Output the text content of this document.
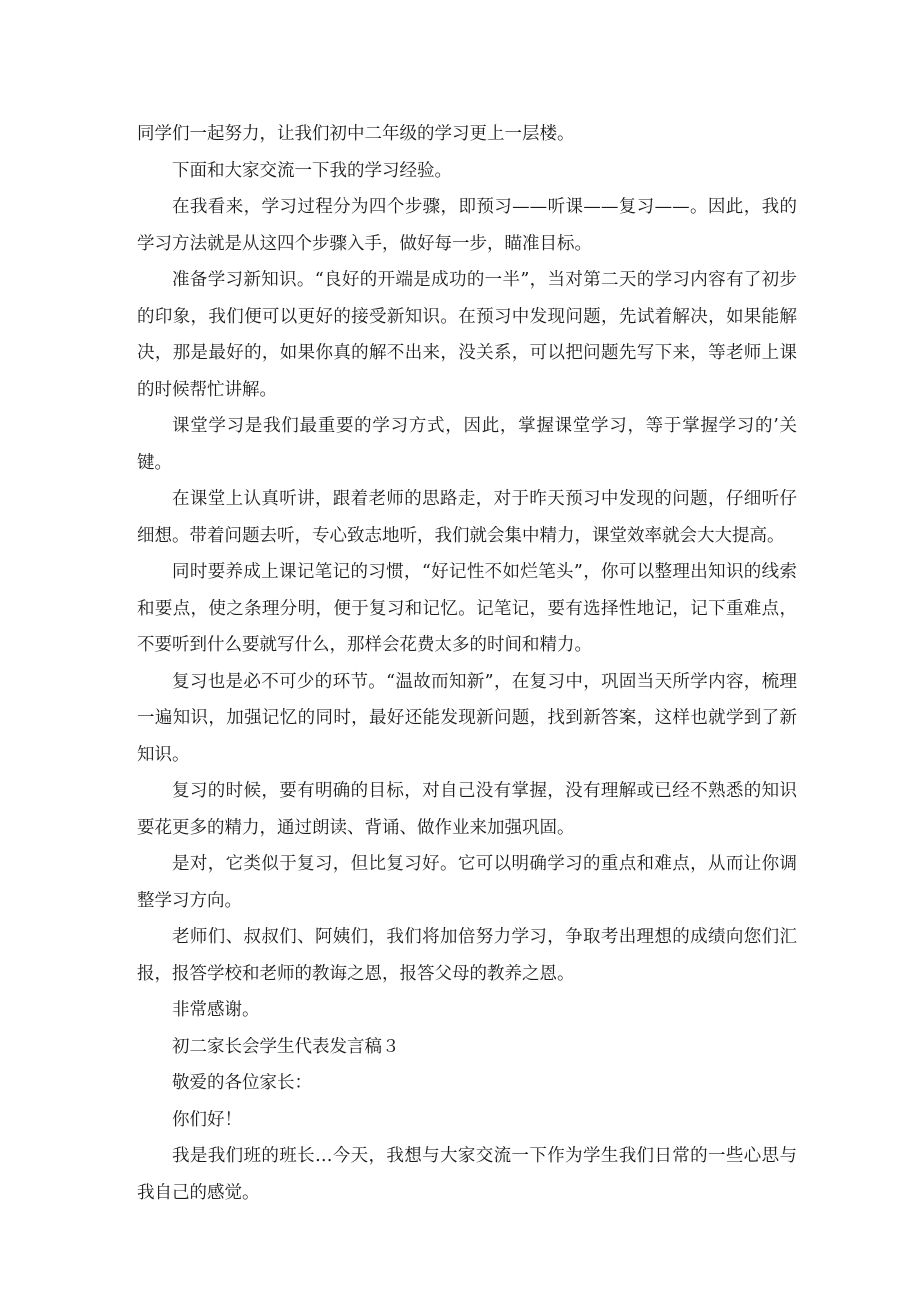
同学们一起努力，让我们初中二年级的学习更上一层楼。

下面和大家交流一下我的学习经验。

在我看来，学习过程分为四个步骤，即预习——听课——复习——。因此，我的学习方法就是从这四个步骤入手，做好每一步，瞄准目标。

准备学习新知识。“良好的开端是成功的一半”，当对第二天的学习内容有了初步的印象，我们便可以更好的接受新知识。在预习中发现问题，先试着解决，如果能解决，那是最好的，如果你真的解不出来，没关系，可以把问题先写下来，等老师上课的时候帮忙讲解。

课堂学习是我们最重要的学习方式，因此，掌握课堂学习，等于掌握学习的’关键。

在课堂上认真听讲，跟着老师的思路走，对于昨天预习中发现的问题，仔细听仔细想。带着问题去听，专心致志地听，我们就会集中精力，课堂效率就会大大提高。

同时要养成上课记笔记的习惯，“好记性不如烂笔头”，你可以整理出知识的线索和要点，使之条理分明，便于复习和记忆。记笔记，要有选择性地记，记下重难点，不要听到什么要就写什么，那样会花费太多的时间和精力。

复习也是必不可少的环节。“温故而知新”，在复习中，巩固当天所学内容，梳理一遍知识，加强记忆的同时，最好还能发现新问题，找到新答案，这样也就学到了新知识。

复习的时候，要有明确的目标，对自己没有掌握，没有理解或已经不熟悉的知识要花更多的精力，通过朗读、背诵、做作业来加强巩固。

是对，它类似于复习，但比复习好。它可以明确学习的重点和难点，从而让你调整学习方向。

老师们、叔叔们、阿姨们，我们将加倍努力学习，争取考出理想的成绩向您们汇报，报答学校和老师的教诲之恩，报答父母的教养之恩。

非常感谢。

初二家长会学生代表发言稿３

敬爱的各位家长：

你们好！

我是我们班的班长…今天，我想与大家交流一下作为学生我们日常的一些心思与我自己的感觉。
